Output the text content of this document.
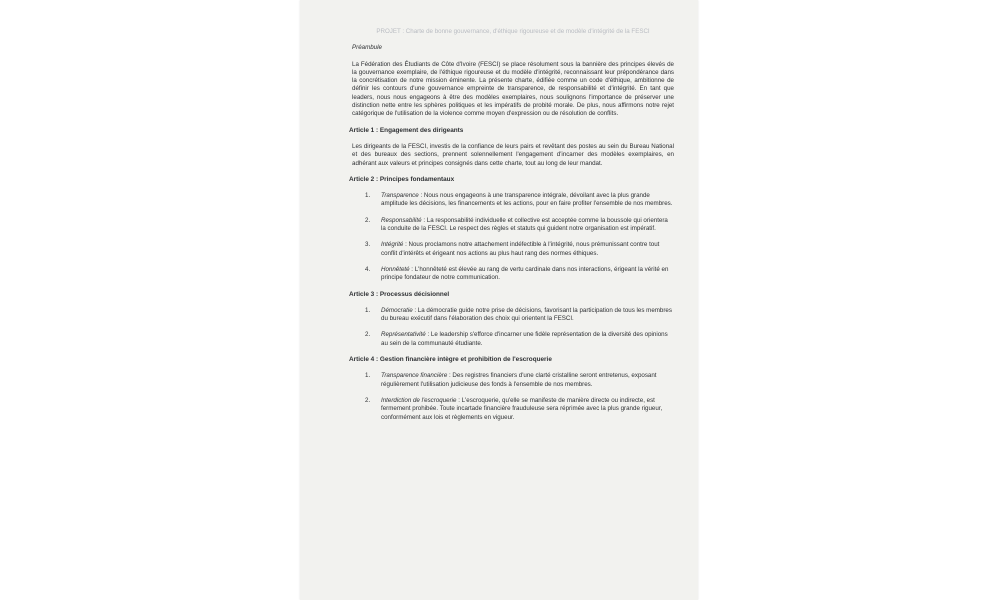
PROJET : Charte de bonne gouvernance, d'éthique rigoureuse et de modèle d'intégrité de la FESCI
Préambule

La Fédération des Étudiants de Côte d'Ivoire (FESCI) se place résolument sous la bannière des principes élevés de la gouvernance exemplaire, de l'éthique rigoureuse et du modèle d'intégrité, reconnaissant leur prépondérance dans la concrétisation de notre mission éminente. La présente charte, édifiée comme un code d'éthique, ambitionne de définir les contours d'une gouvernance empreinte de transparence, de responsabilité et d'intégrité. En tant que leaders, nous nous engageons à être des modèles exemplaires, nous soulignons l'importance de préserver une distinction nette entre les sphères politiques et les impératifs de probité morale. De plus, nous affirmons notre rejet catégorique de l'utilisation de la violence comme moyen d'expression ou de résolution de conflits.

Article 1 : Engagement des dirigeants

Les dirigeants de la FESCI, investis de la confiance de leurs pairs et revêtant des postes au sein du Bureau National et des bureaux des sections, prennent solennellement l'engagement d'incarner des modèles exemplaires, en adhérant aux valeurs et principes consignés dans cette charte, tout au long de leur mandat.

Article 2 : Principes fondamentaux
1. Transparence : Nous nous engageons à une transparence intégrale, dévoilant avec la plus grande amplitude les décisions, les financements et les actions, pour en faire profiter l'ensemble de nos membres.
2. Responsabilité : La responsabilité individuelle et collective est acceptée comme la boussole qui orientera la conduite de la FESCI. Le respect des règles et statuts qui guident notre organisation est impératif.
3. Intégrité : Nous proclamons notre attachement indéfectible à l'intégrité, nous prémunissant contre tout conflit d'intérêts et érigeant nos actions au plus haut rang des normes éthiques.
4. Honnêteté : L'honnêteté est élevée au rang de vertu cardinale dans nos interactions, érigeant la vérité en principe fondateur de notre communication.
Article 3 : Processus décisionnel
1. Démocratie : La démocratie guide notre prise de décisions, favorisant la participation de tous les membres du bureau exécutif dans l'élaboration des choix qui orientent la FESCI.
2. Représentativité : Le leadership s'efforce d'incarner une fidèle représentation de la diversité des opinions au sein de la communauté étudiante.
Article 4 : Gestion financière intègre et prohibition de l'escroquerie
1. Transparence financière : Des registres financiers d'une clarté cristalline seront entretenus, exposant régulièrement l'utilisation judicieuse des fonds à l'ensemble de nos membres.
2. Interdiction de l'escroquerie : L'escroquerie, qu'elle se manifeste de manière directe ou indirecte, est fermement prohibée. Toute incartade financière frauduleuse sera réprimée avec la plus grande rigueur, conformément aux lois et règlements en vigueur.
